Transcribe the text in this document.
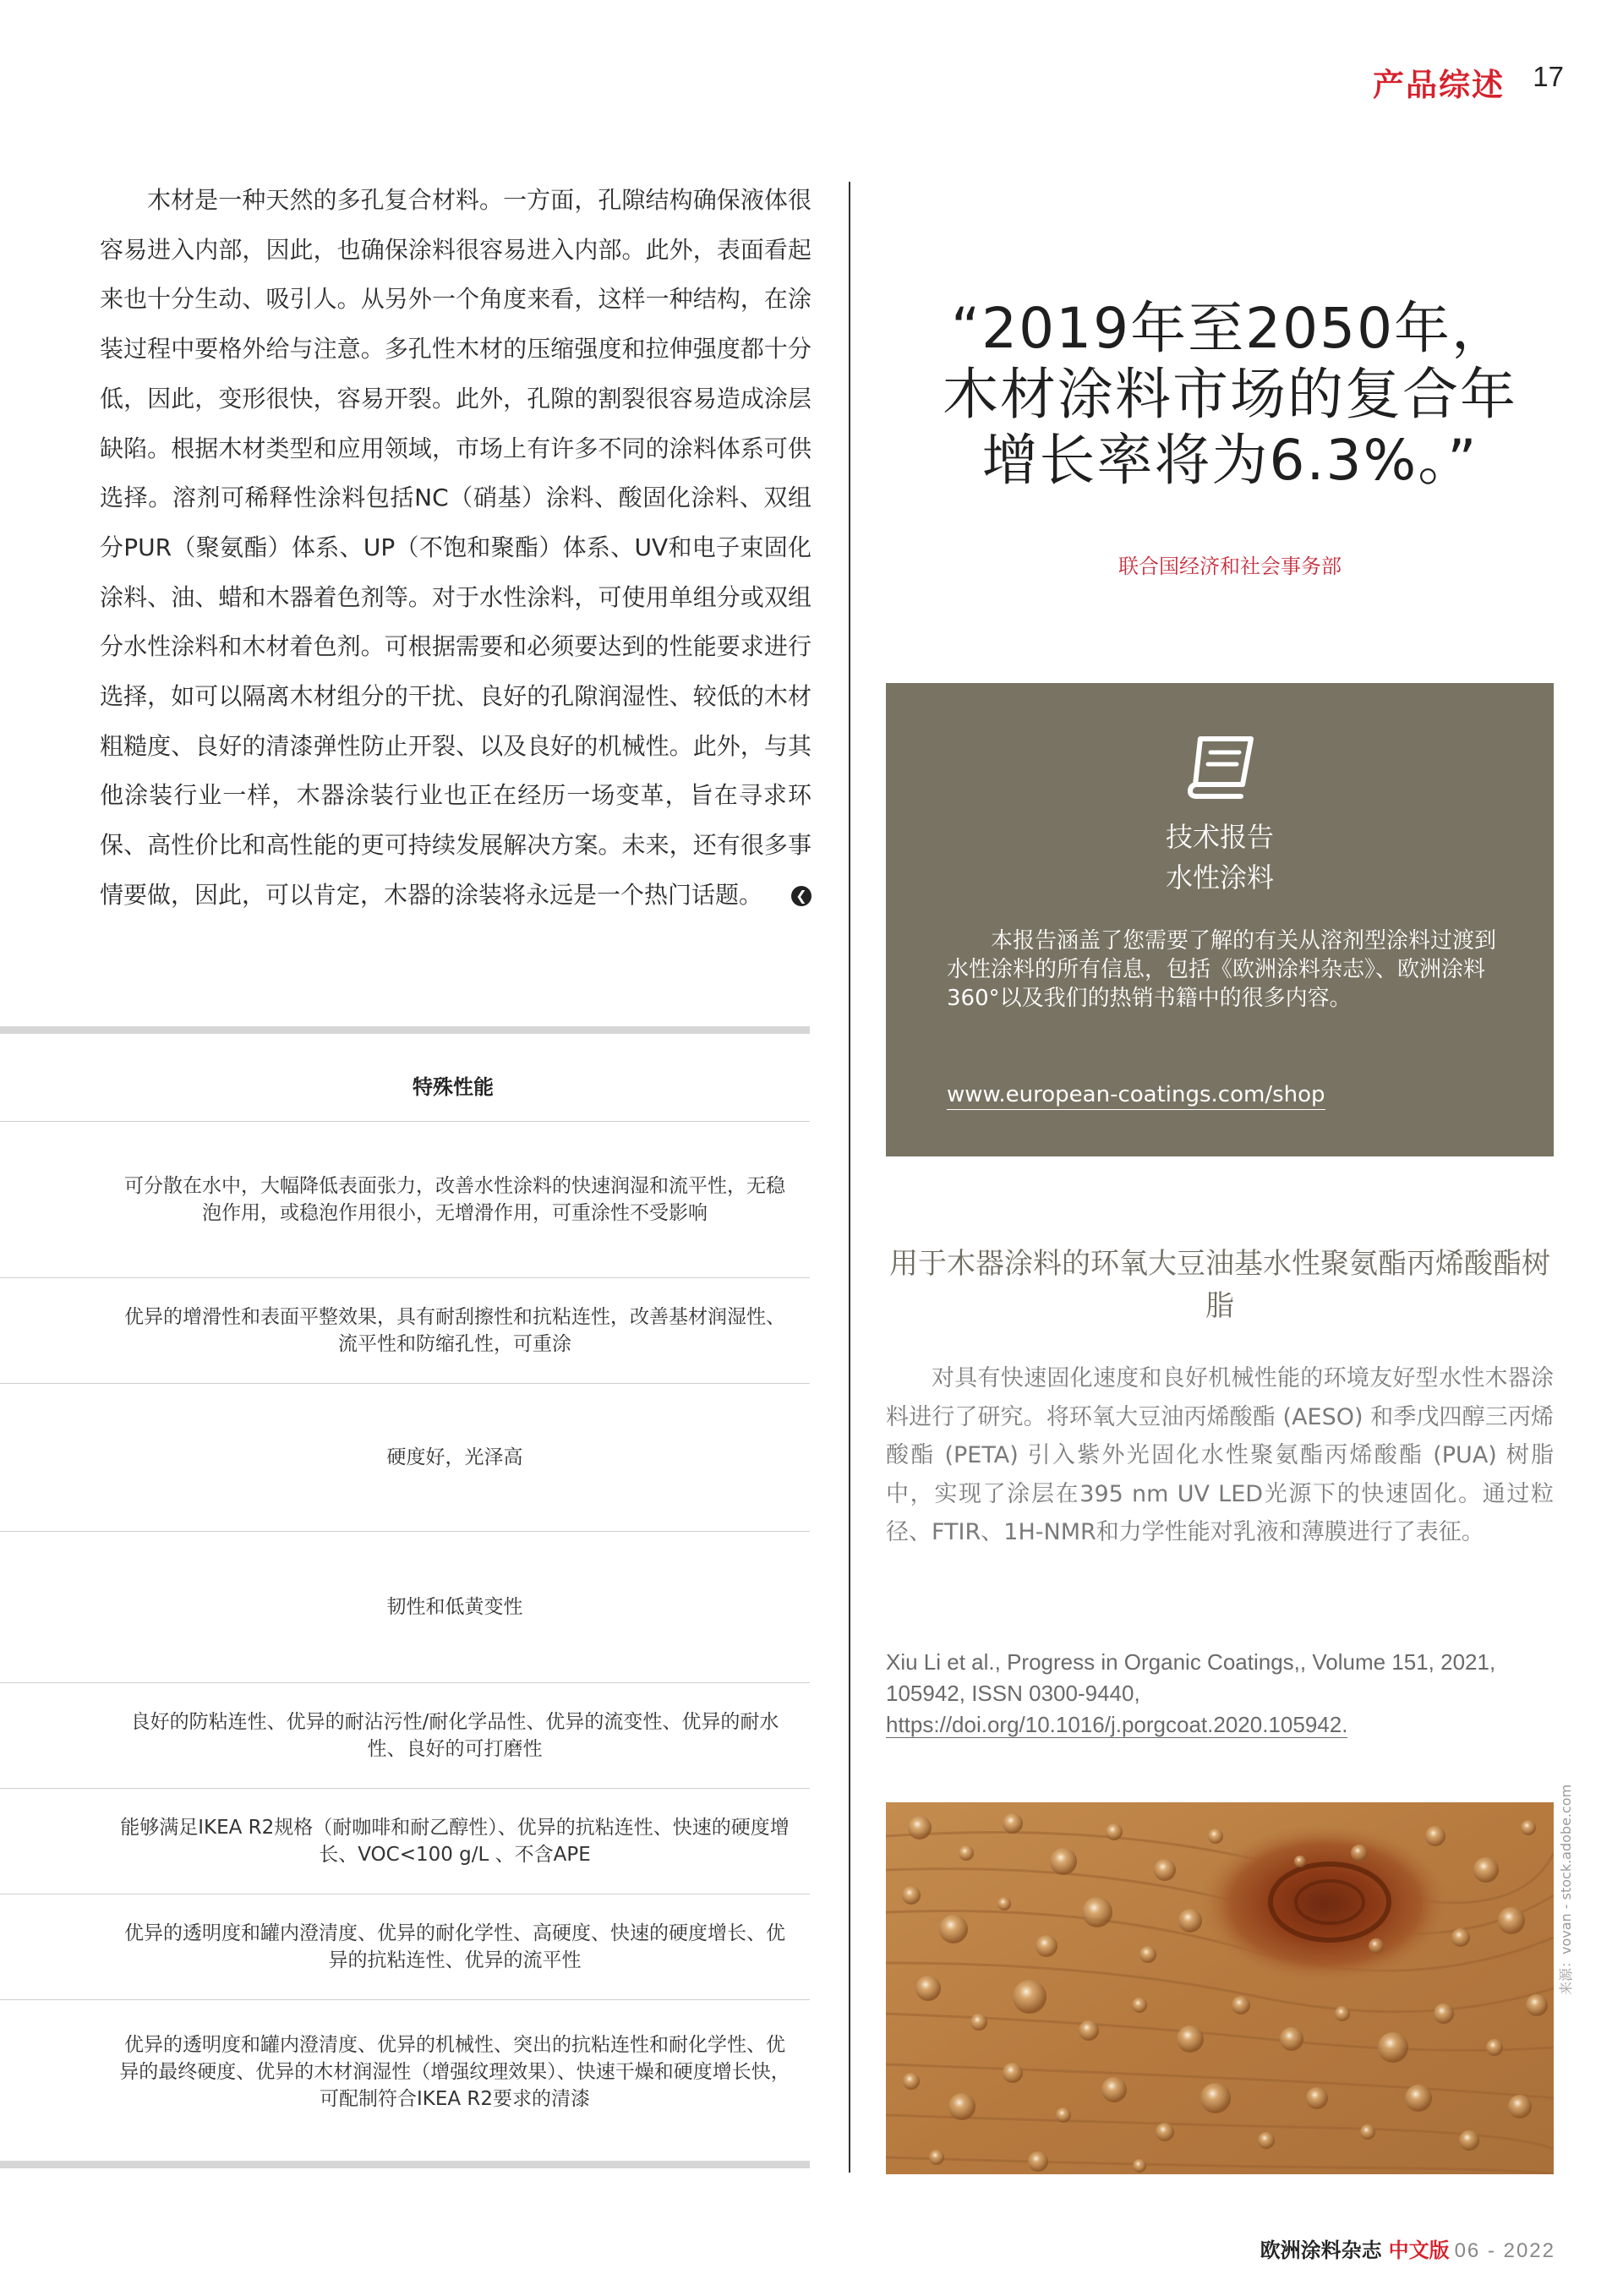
产品综述 17
木材是一种天然的多孔复合材料。一方面，孔隙结构确保液体很容易进入内部，因此，也确保涂料很容易进入内部。此外，表面看起来也十分生动、吸引人。从另外一个角度来看，这样一种结构，在涂装过程中要格外给与注意。多孔性木材的压缩强度和拉伸强度都十分低，因此，变形很快，容易开裂。此外，孔隙的割裂很容易造成涂层缺陷。根据木材类型和应用领域，市场上有许多不同的涂料体系可供选择。溶剂可稀释性涂料包括NC（硝基）涂料、酸固化涂料、双组分PUR（聚氨酯）体系、UP（不饱和聚酯）体系、UV和电子束固化涂料、油、蜡和木器着色剂等。对于水性涂料，可使用单组分或双组分水性涂料和木材着色剂。可根据需要和必须要达到的性能要求进行选择，如可以隔离木材组分的干扰、良好的孔隙润湿性、较低的木材粗糙度、良好的清漆弹性防止开裂、以及良好的机械性。此外，与其他涂装行业一样，木器涂装行业也正在经历一场变革，旨在寻求环保、高性价比和高性能的更可持续发展解决方案。未来，还有很多事情要做，因此，可以肯定，木器的涂装将永远是一个热门话题。	❮
特殊性能
可分散在水中，大幅降低表面张力，改善水性涂料的快速润湿和流平性，无稳泡作用，或稳泡作用很小，无增滑作用，可重涂性不受影响
优异的增滑性和表面平整效果，具有耐刮擦性和抗粘连性，改善基材润湿性、流平性和防缩孔性，可重涂
硬度好，光泽高
韧性和低黄变性
良好的防粘连性、优异的耐沾污性/耐化学品性、优异的流变性、优异的耐水性、良好的可打磨性
能够满足IKEA R2规格（耐咖啡和耐乙醇性）、优异的抗粘连性、快速的硬度增长、VOC<100 g/L 、不含APE
优异的透明度和罐内澄清度、优异的耐化学性、高硬度、快速的硬度增长、优异的抗粘连性、优异的流平性
优异的透明度和罐内澄清度、优异的机械性、突出的抗粘连性和耐化学性、优异的最终硬度、优异的木材润湿性（增强纹理效果）、快速干燥和硬度增长快，可配制符合IKEA R2要求的清漆
“2019年至2050年，
木材涂料市场的复合年
增长率将为6.3%。”
联合国经济和社会事务部
技术报告
水性涂料
本报告涵盖了您需要了解的有关从溶剂型涂料过渡到水性涂料的所有信息，包括《欧洲涂料杂志》、欧洲涂料360°以及我们的热销书籍中的很多内容。
www.european-coatings.com/shop
用于木器涂料的环氧大豆油基水性聚氨酯丙烯酸酯树脂
对具有快速固化速度和良好机械性能的环境友好型水性木器涂料进行了研究。将环氧大豆油丙烯酸酯 (AESO) 和季戊四醇三丙烯酸酯 (PETA) 引入紫外光固化水性聚氨酯丙烯酸酯 (PUA) 树脂中，实现了涂层在395 nm UV LED光源下的快速固化。通过粒径、FTIR、1H-NMR和力学性能对乳液和薄膜进行了表征。
Xiu Li et al., Progress in Organic Coatings,, Volume 151, 2021, 105942, ISSN 0300-9440,
https://doi.org/10.1016/j.porgcoat.2020.105942.
来源：vovan - stock.adobe.com
欧洲涂料杂志 中文版 06 - 2022
